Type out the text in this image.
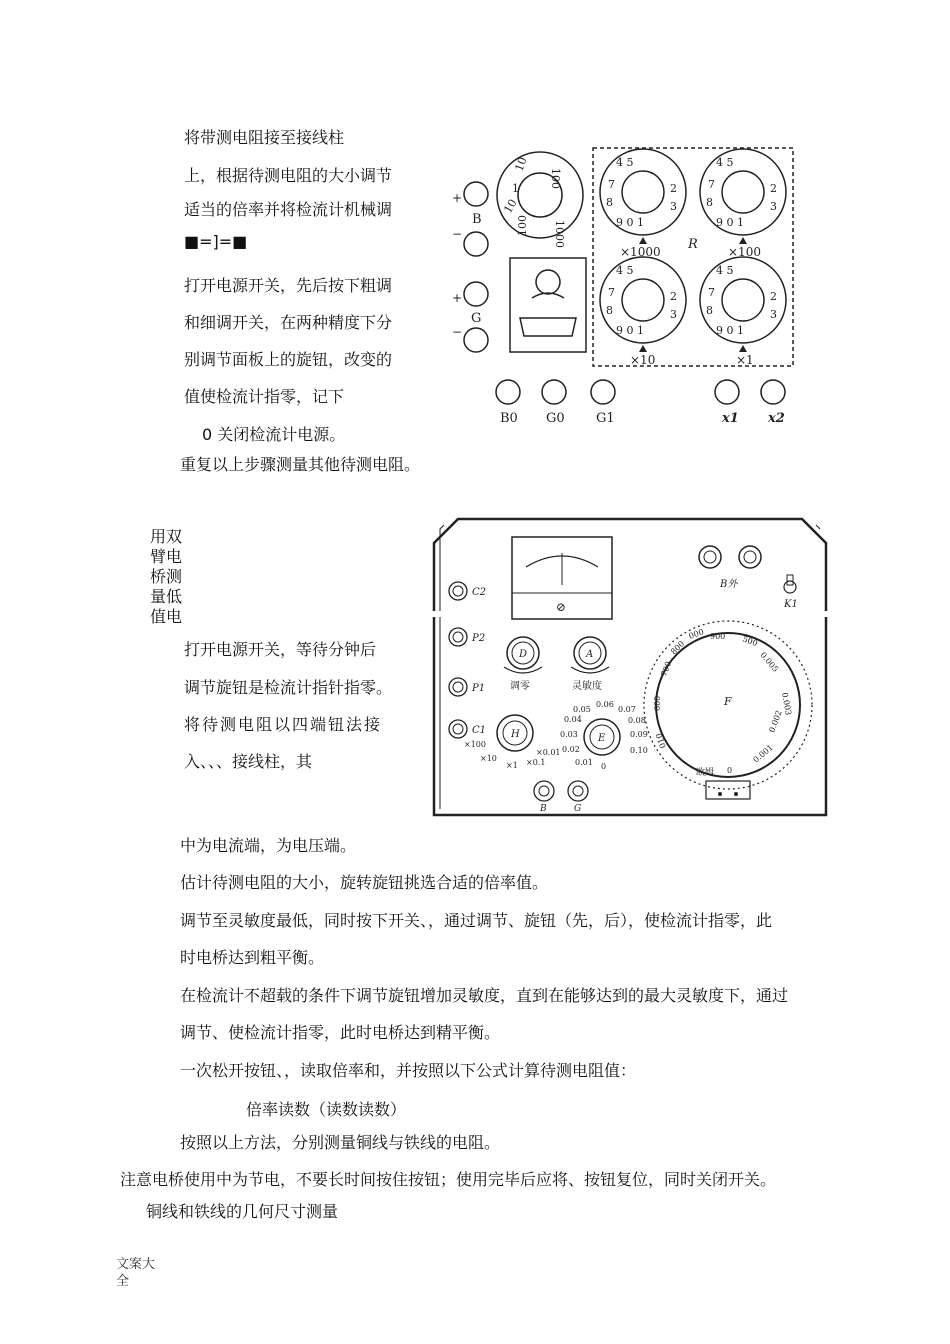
将带测电阻接至接线柱
上，根据待测电阻的大小调节
适当的倍率并将检流计机械调
■=]=■
打开电源开关，先后按下粗调
和细调开关，在两种精度下分
别调节面板上的旋钮，改变的
值使检流计指零，记下
0 关闭检流计电源。
重复以上步骤测量其他待测电阻。
+
B
−
+
G
−
10
100
1
10
100 1000	R
4 5
7
8
9 0 1
2
3
×1000
4 5
7
8
9 0 1
2
3
×100
4 5
7
8
9 0 1
2
3
×10
4 5
7
8
9 0 1
2
3
×1
B0 G0 G1	x1 x2
用双
臂电
桥测
量低
值电
打开电源开关，等待分钟后
调节旋钮是检流计指针指零。
将待测电阻以四端钮法接
入、、、接线柱，其
⊘
B外
K1
C2
P2
P1
C1
D
调零
A
灵敏度
H
×100
×10
×1 ×0.1
×0.01
E
0.05
0.06
0.07
0.04	0.08
0.03	0.09
0.02	0.10
0.01 0
F
900 500
0.005
0.003
0.002
0.001
0
000
800
700
600
010
欧姆
B	G
中为电流端，为电压端。
估计待测电阻的大小，旋转旋钮挑选合适的倍率值。
调节至灵敏度最低，同时按下开关、，通过调节、旋钮（先，后），使检流计指零，此
时电桥达到粗平衡。
在检流计不超载的条件下调节旋钮增加灵敏度，直到在能够达到的最大灵敏度下，通过
调节、使检流计指零，此时电桥达到精平衡。
一次松开按钮、，读取倍率和，并按照以下公式计算待测电阻值：
倍率读数（读数读数）
按照以上方法，分别测量铜线与铁线的电阻。
注意电桥使用中为节电，不要长时间按住按钮；使用完毕后应将、按钮复位，同时关闭开关。
铜线和铁线的几何尺寸测量
文案大
全
